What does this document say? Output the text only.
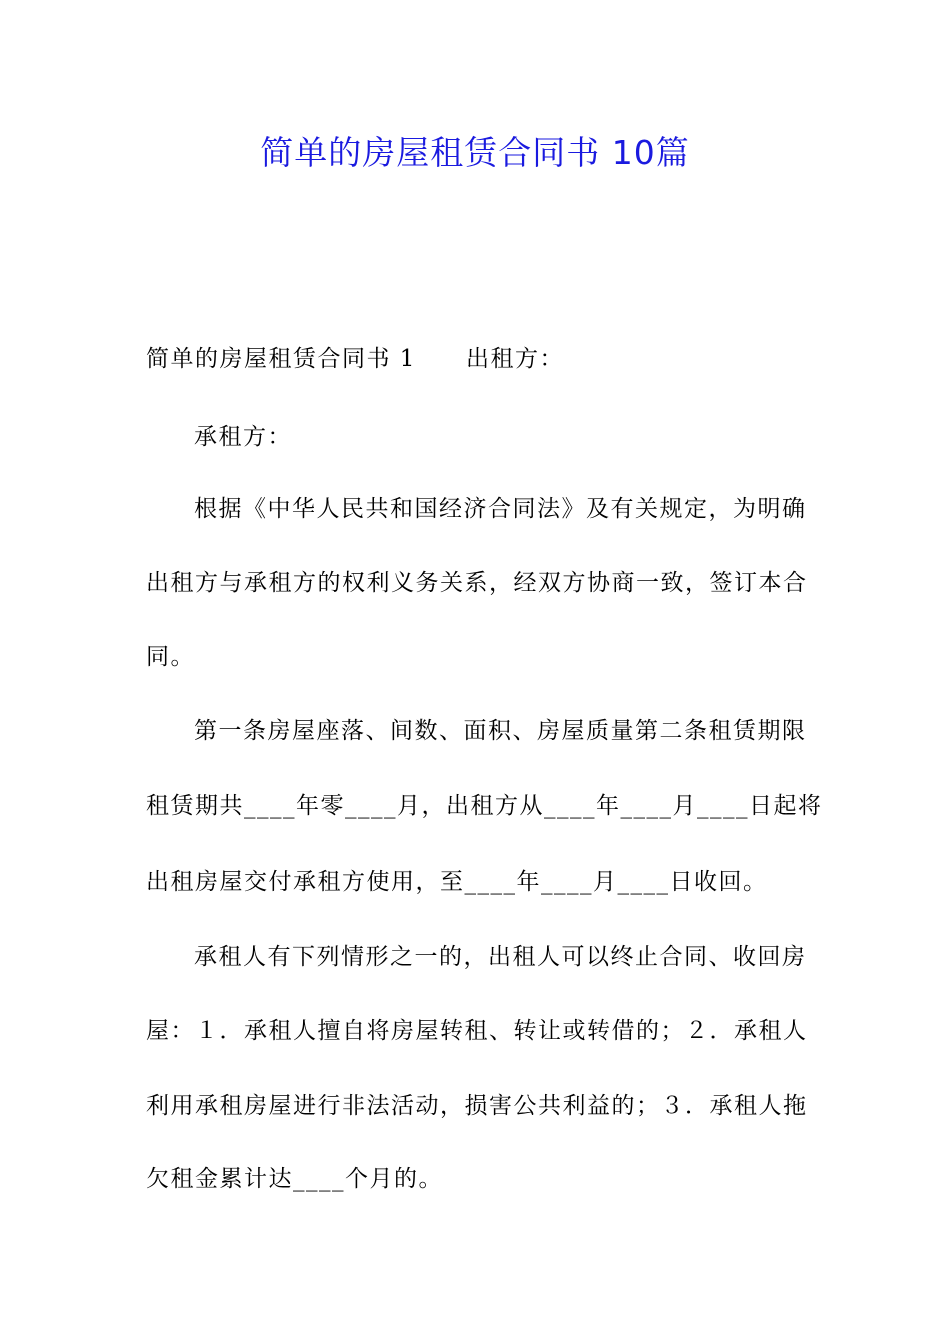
简单的房屋租赁合同书 10篇
简单的房屋租赁合同书 1 出租方：
承租方：
根据《中华人民共和国经济合同法》及有关规定，为明确
出租方与承租方的权利义务关系，经双方协商一致，签订本合
同。
第一条房屋座落、间数、面积、房屋质量第二条租赁期限
租赁期共____年零____月，出租方从____年____月____日起将
出租房屋交付承租方使用，至____年____月____日收回。
承租人有下列情形之一的，出租人可以终止合同、收回房
屋：１．承租人擅自将房屋转租、转让或转借的；２．承租人
利用承租房屋进行非法活动，损害公共利益的；３．承租人拖
欠租金累计达____个月的。
